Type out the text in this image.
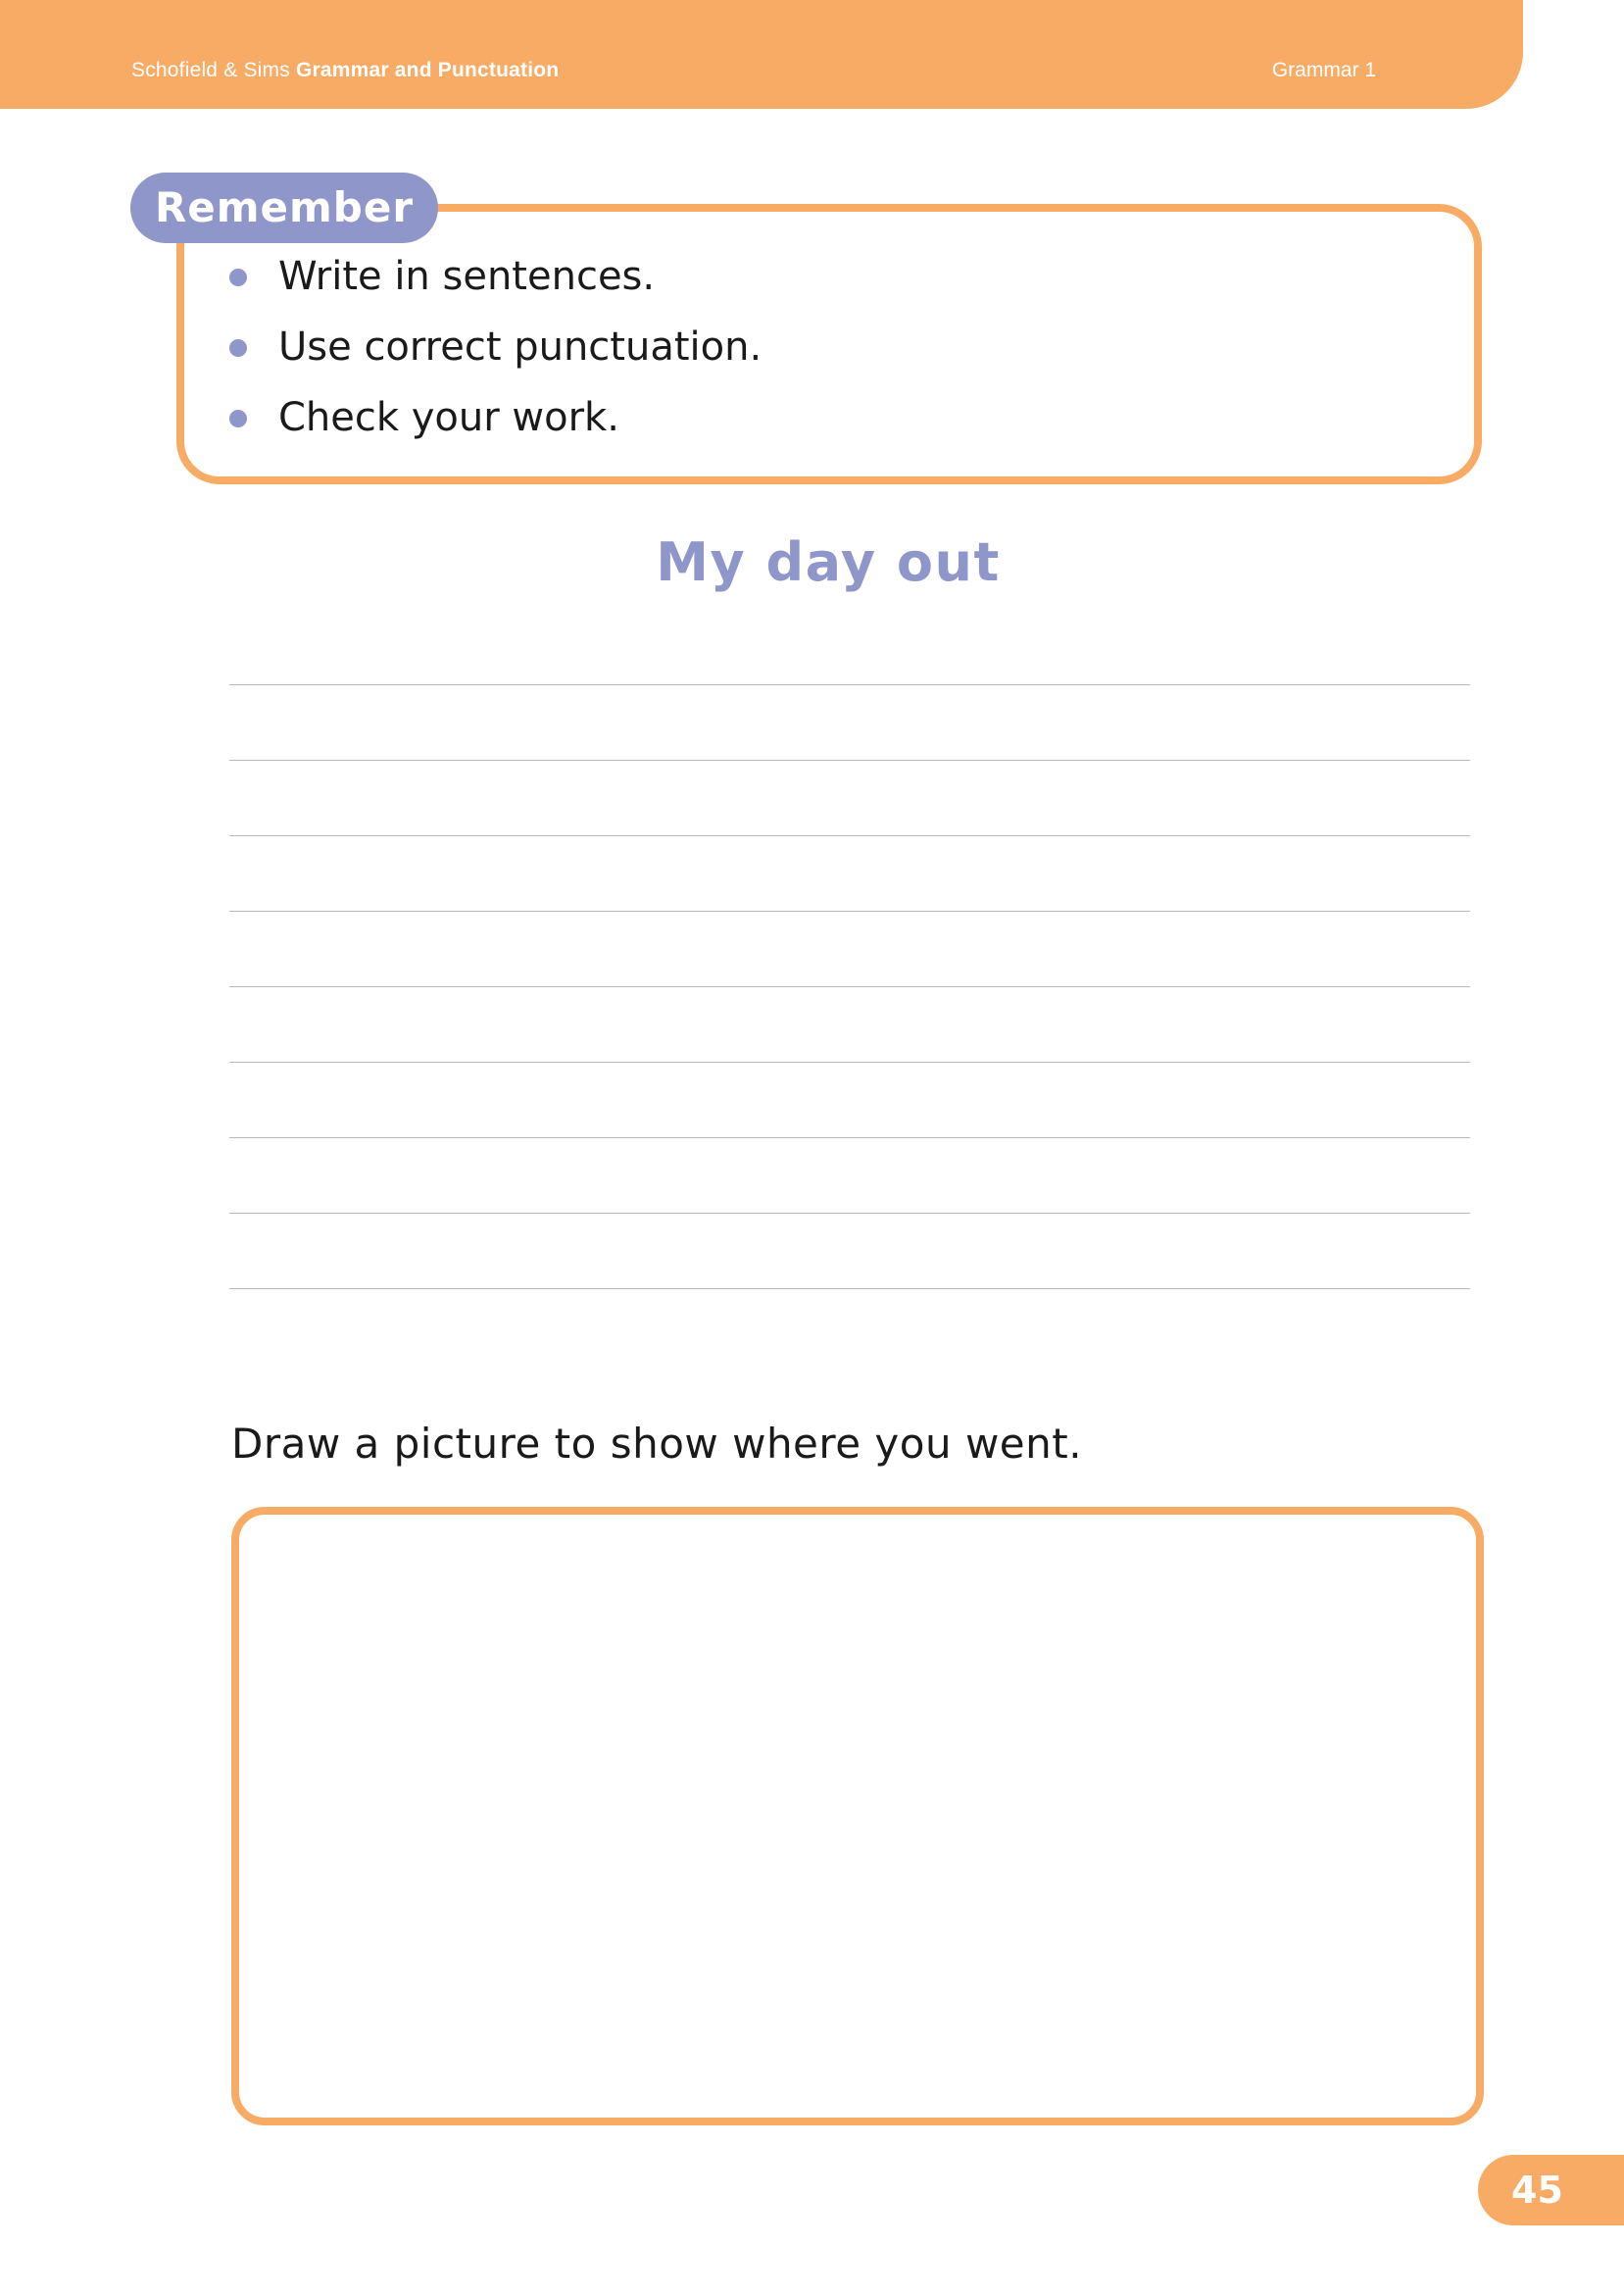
Schofield & Sims Grammar and Punctuation	Grammar 1
Remember
Write in sentences.
Use correct punctuation.
Check your work.
My day out
Draw a picture to show where you went.
45
